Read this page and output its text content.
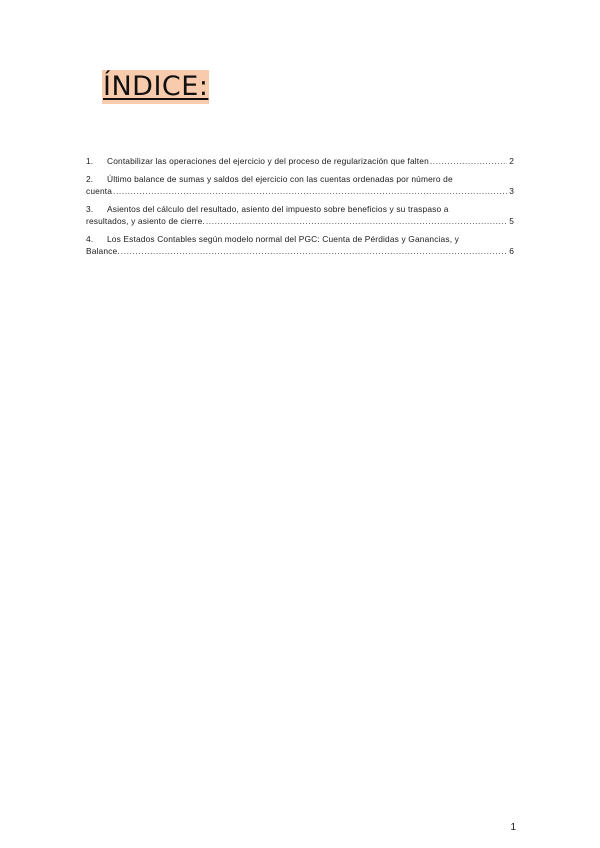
ÍNDICE:
1.	Contabilizar las operaciones del ejercicio y del proceso de regularización que falten .....	2
2.	Último balance de sumas y saldos del ejercicio con las cuentas ordenadas por número de
cuenta .....	3
3.	Asientos del cálculo del resultado, asiento del impuesto sobre beneficios y su traspaso a
resultados, y asiento de cierre. .....	5
4.	Los Estados Contables según modelo normal del PGC: Cuenta de Pérdidas y Ganancias, y
Balance. .....	6
1
